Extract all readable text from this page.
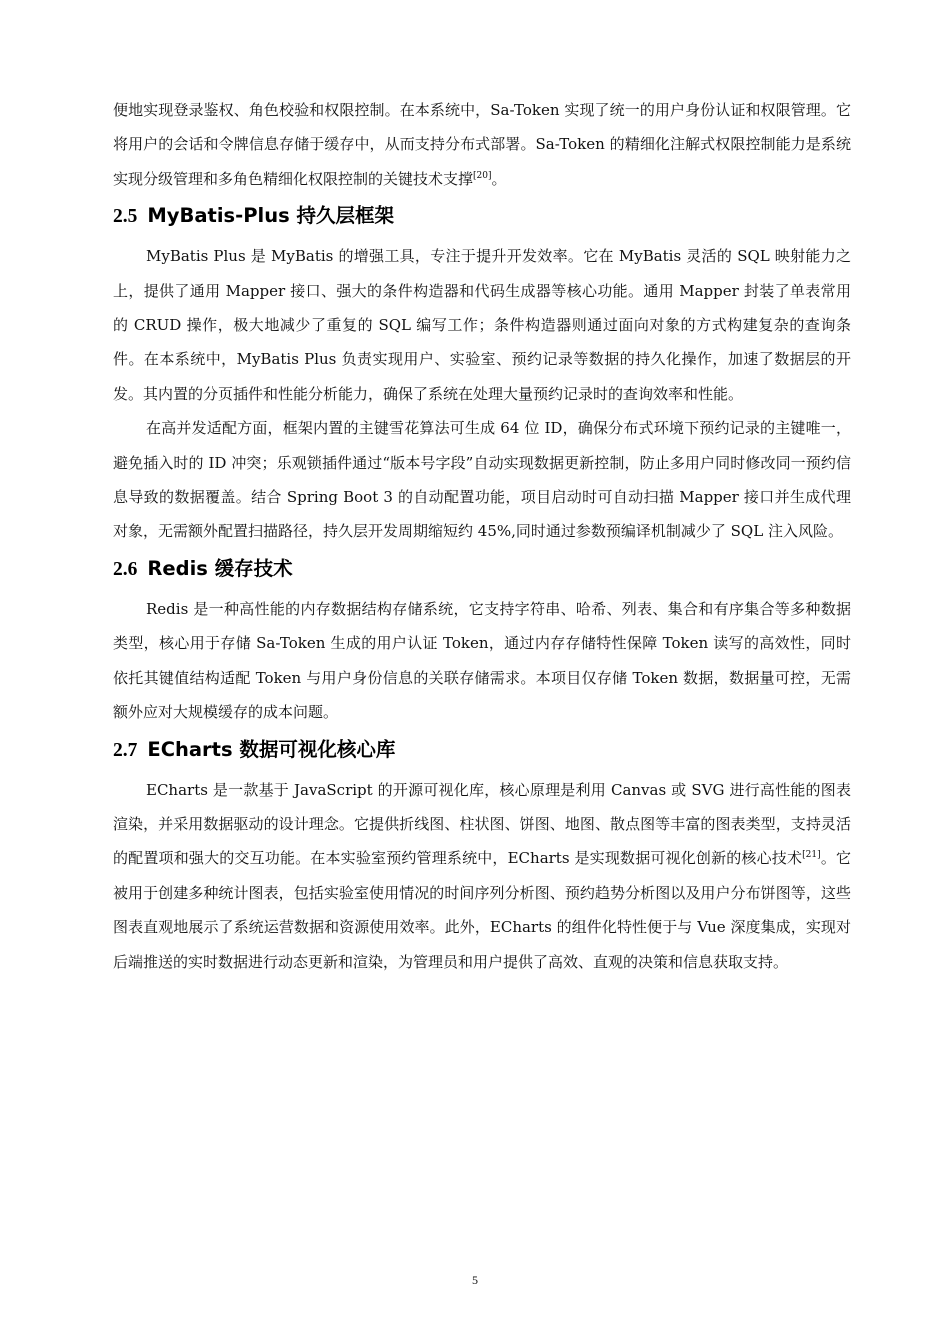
便地实现登录鉴权、角色校验和权限控制。在本系统中，Sa-Token 实现了统一的用户身份认证和权限管理。它将用户的会话和令牌信息存储于缓存中，从而支持分布式部署。Sa-Token 的精细化注解式权限控制能力是系统实现分级管理和多角色精细化权限控制的关键技术支撑[20]。

2.5 MyBatis-Plus 持久层框架

MyBatis Plus 是 MyBatis 的增强工具，专注于提升开发效率。它在 MyBatis 灵活的 SQL 映射能力之上，提供了通用 Mapper 接口、强大的条件构造器和代码生成器等核心功能。通用 Mapper 封装了单表常用的 CRUD 操作，极大地减少了重复的 SQL 编写工作；条件构造器则通过面向对象的方式构建复杂的查询条件。在本系统中，MyBatis Plus 负责实现用户、实验室、预约记录等数据的持久化操作，加速了数据层的开发。其内置的分页插件和性能分析能力，确保了系统在处理大量预约记录时的查询效率和性能。

在高并发适配方面，框架内置的主键雪花算法可生成 64 位 ID，确保分布式环境下预约记录的主键唯一，避免插入时的 ID 冲突；乐观锁插件通过“版本号字段”自动实现数据更新控制，防止多用户同时修改同一预约信息导致的数据覆盖。结合 Spring Boot 3 的自动配置功能，项目启动时可自动扫描 Mapper 接口并生成代理对象，无需额外配置扫描路径，持久层开发周期缩短约 45%,同时通过参数预编译机制减少了 SQL 注入风险。

2.6 Redis 缓存技术

Redis 是一种高性能的内存数据结构存储系统，它支持字符串、哈希、列表、集合和有序集合等多种数据类型，核心用于存储 Sa-Token 生成的用户认证 Token，通过内存存储特性保障 Token 读写的高效性，同时依托其键值结构适配 Token 与用户身份信息的关联存储需求。本项目仅存储 Token 数据，数据量可控，无需额外应对大规模缓存的成本问题。

2.7 ECharts 数据可视化核心库

ECharts 是一款基于 JavaScript 的开源可视化库，核心原理是利用 Canvas 或 SVG 进行高性能的图表渲染，并采用数据驱动的设计理念。它提供折线图、柱状图、饼图、地图、散点图等丰富的图表类型，支持灵活的配置项和强大的交互功能。在本实验室预约管理系统中，ECharts 是实现数据可视化创新的核心技术[21]。它被用于创建多种统计图表，包括实验室使用情况的时间序列分析图、预约趋势分析图以及用户分布饼图等，这些图表直观地展示了系统运营数据和资源使用效率。此外，ECharts 的组件化特性便于与 Vue 深度集成，实现对后端推送的实时数据进行动态更新和渲染，为管理员和用户提供了高效、直观的决策和信息获取支持。

5
